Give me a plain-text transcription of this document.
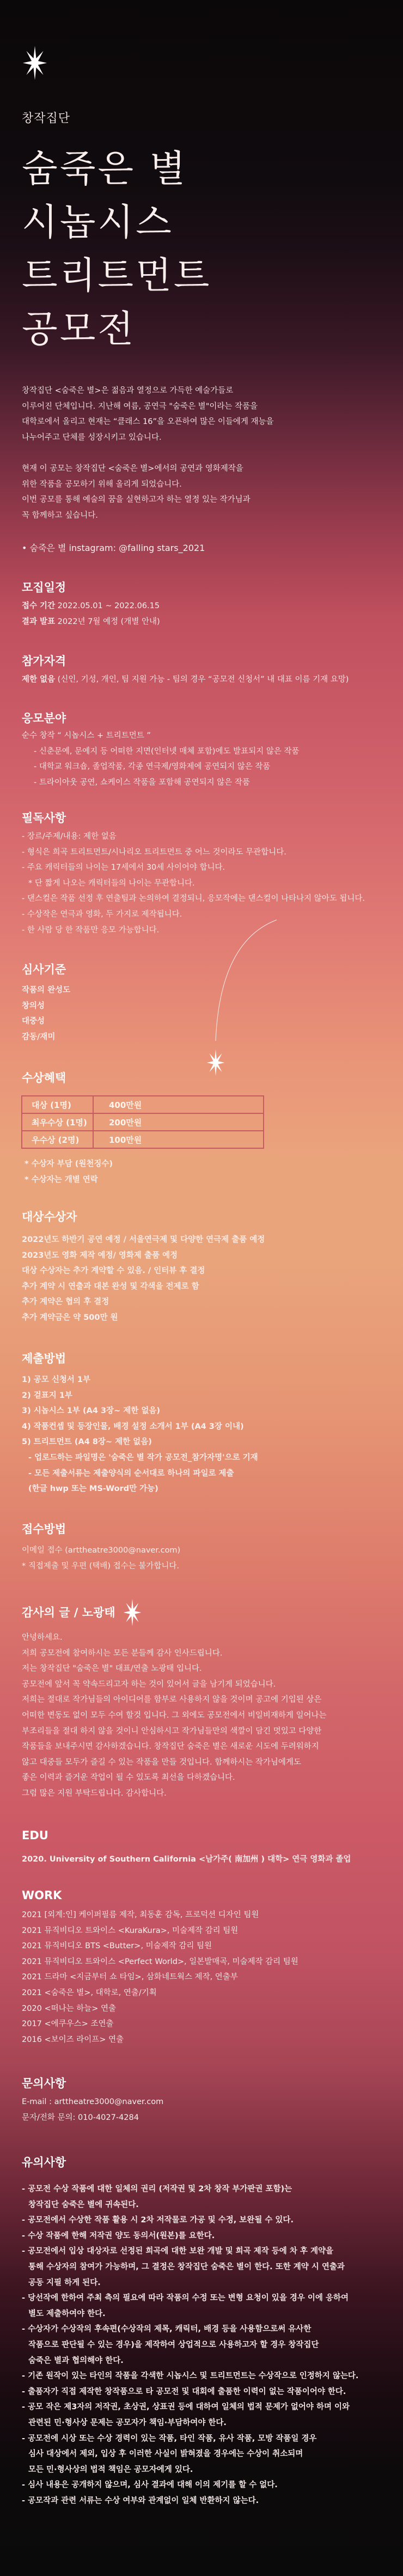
창작집단
숨죽은 별
시놉시스
트리트먼트
공모전
창작집단 <숨죽은 별>은 젊음과 열정으로 가득한 예술가들로
이루어진 단체입니다. 지난해 여름, 공연극 "숨죽은 별"이라는 작품을
대학로에서 올리고 현재는 “클래스 16”을 오픈하여 많은 이들에게 재능을
나누어주고 단체를 성장시키고 있습니다.
현재 이 공모는 창작집단 <숨죽은 별>에서의 공연과 영화제작을
위한 작품을 공모하기 위해 올리게 되었습니다.
이번 공모를 통해 예술의 꿈을 실현하고자 하는 열정 있는 작가님과
꼭 함께하고 싶습니다.
• 숨죽은 별 instagram: @falling stars_2021
모집일정
접수 기간 2022.05.01 ~ 2022.06.15
결과 발표 2022년 7월 예정 (개별 안내)
참가자격
제한 없음 (신인, 기성, 개인, 팀 지원 가능 - 팀의 경우 “공모전 신청서” 내 대표 이름 기재 요망)
응모분야
순수 창작 “ 시놉시스 + 트리트먼트 ”
- 신춘문예, 문예지 등 어떠한 지면(인터넷 매체 포함)에도 발표되지 않은 작품
- 대학교 워크숍, 졸업작품, 각종 연극제/영화제에 공연되지 않은 작품
- 트라이아웃 공연, 쇼케이스 작품을 포함해 공연되지 않은 작품
필독사항
- 장르/주제/내용: 제한 없음
- 형식은 희곡 트리트먼트/시나리오 트리트먼트 중 어느 것이라도 무관합니다.
- 주요 캐릭터들의 나이는 17세에서 30세 사이어야 합니다.
* 단 짧게 나오는 캐릭터들의 나이는 무관합니다.
- 댄스컬은 작품 선정 후 연출팀과 논의하여 결정되니, 응모작에는 댄스컬이 나타나지 않아도 됩니다.
- 수상작은 연극과 영화, 두 가지로 제작됩니다.
- 한 사람 당 한 작품만 응모 가능합니다.
심사기준
작품의 완성도
창의성
대중성
감동/재미
수상혜택
대상 (1명)	400만원
최우수상 (1명)	200만원
우수상 (2명)	100만원
* 수상자 부담 (원천징수)
* 수상자는 개별 연락
대상수상자
2022년도 하반기 공연 예정 / 서울연극제 및 다양한 연극제 출품 예정
2023년도 영화 제작 예정/ 영화제 출품 예정
대상 수상자는 추가 계약할 수 있음. / 인터뷰 후 결정
추가 계약 시 연출과 대본 완성 및 각색을 전제로 함
추가 계약은 협의 후 결정
추가 계약금은 약 500만 원
제출방법
1) 공모 신청서 1부
2) 겉표지 1부
3) 시놉시스 1부 (A4 3장~ 제한 없음)
4) 작품컨셉 및 등장인물, 배경 설정 소개서 1부 (A4 3장 이내)
5) 트리트먼트 (A4 8장~ 제한 없음)
- 업로드하는 파일명은 '숨죽은 별 작가 공모전_참가자명'으로 기재
- 모든 제출서류는 제출양식의 순서대로 하나의 파일로 제출
(한글 hwp 또는 MS-Word만 가능)
접수방법
이메일 접수 (arttheatre3000@naver.com)
* 직접제출 및 우편 (택배) 접수는 불가합니다.
감사의 글 / 노광태
안녕하세요.
저희 공모전에 참여하시는 모든 분들께 감사 인사드립니다.
저는 창작집단 "숨죽은 별" 대표/연출 노광태 입니다.
공모전에 앞서 꼭 약속드리고자 하는 것이 있어서 글을 남기게 되었습니다.
저희는 절대로 작가님들의 아이디어를 함부로 사용하지 않을 것이며 공고에 기입된 상은
어떠한 변동도 없이 모두 수여 할것 입니다. 그 외에도 공모전에서 비일비재하게 일어나는
부조리들을 절대 하지 않을 것이니 안심하시고 작가님들만의 색깔이 담긴 멋있고 다양한
작품들을 보내주시면 감사하겠습니다. 창작집단 숨죽은 별은 새로운 시도에 두려워하지
않고 대중들 모두가 즐길 수 있는 작품을 만들 것입니다. 함께하시는 작가님에게도
좋은 이력과 즐거운 작업이 될 수 있도록 최선을 다하겠습니다.
그럼 많은 지원 부탁드립니다. 감사합니다.
EDU
2020. University of Southern California <남가주( 南加州 ) 대학> 연극 영화과 졸업
WORK
2021 [외계:인] 케이퍼필름 제작, 최동훈 감독, 프로덕션 디자인 팀원
2021 뮤직비디오 트와이스 <KuraKura>, 미술제작 감리 팀원
2021 뮤직비디오 BTS <Butter>, 미술제작 감리 팀원
2021 뮤직비디오 트와이스 <Perfect World>, 일본발매곡, 미술제작 감리 팀원
2021 드라마 <지금부터 쇼 타임>, 삼화네트웍스 제작, 연출부
2021 <숨죽은 별>, 대학로, 연출/기획
2020 <떠나는 하늘> 연출
2017 <에쿠우스> 조연출
2016 <보이즈 라이프> 연출
문의사항
E-mail : arttheatre3000@naver.com
문자/전화 문의: 010-4027-4284
유의사항
- 공모전 수상 작품에 대한 일체의 권리 (저작권 및 2차 창작 부가판권 포함)는
창작집단 숨죽은 별에 귀속된다.
- 공모전에서 수상한 작품 활용 시 2차 저작물로 가공 및 수정, 보완될 수 있다.
- 수상 작품에 한해 저작권 양도 동의서(원본)를 요한다.
- 공모전에서 입상 대상자로 선정된 희곡에 대한 보완 개발 및 희곡 제작 등에 차 후 계약을
통해 수상자의 참여가 가능하며, 그 결정은 창작집단 숨죽은 별이 한다. 또한 계약 시 연출과
공동 지필 하게 된다.
- 당선작에 한하여 주최 측의 필요에 따라 작품의 수정 또는 변형 요청이 있을 경우 이에 응하여
별도 제출하여야 한다.
- 수상자가 수상작의 후속편(수상작의 제목, 캐릭터, 배경 등을 사용함으로써 유사한
작품으로 판단될 수 있는 경우)을 제작하여 상업적으로 사용하고자 할 경우 창작집단
숨죽은 별과 협의해야 한다.
- 기존 원작이 있는 타인의 작품을 각색한 시놉시스 및 트리트먼트는 수상작으로 인정하지 않는다.
- 출품자가 직접 제작한 창작품으로 타 공모전 및 대회에 출품한 이력이 없는 작품이어야 한다.
- 공모 작은 제3자의 저작권, 초상권, 상표권 등에 대하여 일체의 법적 문제가 없어야 하며 이와
관련된 민·형사상 문제는 공모자가 책임·부담하여야 한다.
- 공모전에 시상 또는 수상 경력이 있는 작품, 타인 작품, 유사 작품, 모방 작품일 경우
심사 대상에서 제외, 입상 후 이러한 사실이 밝혀졌을 경우에는 수상이 취소되며
모든 민·형사상의 법적 책임은 공모자에게 있다.
- 심사 내용은 공개하지 않으며, 심사 결과에 대해 이의 제기를 할 수 없다.
- 공모작과 관련 서류는 수상 여부와 관계없이 일체 반환하지 않는다.
